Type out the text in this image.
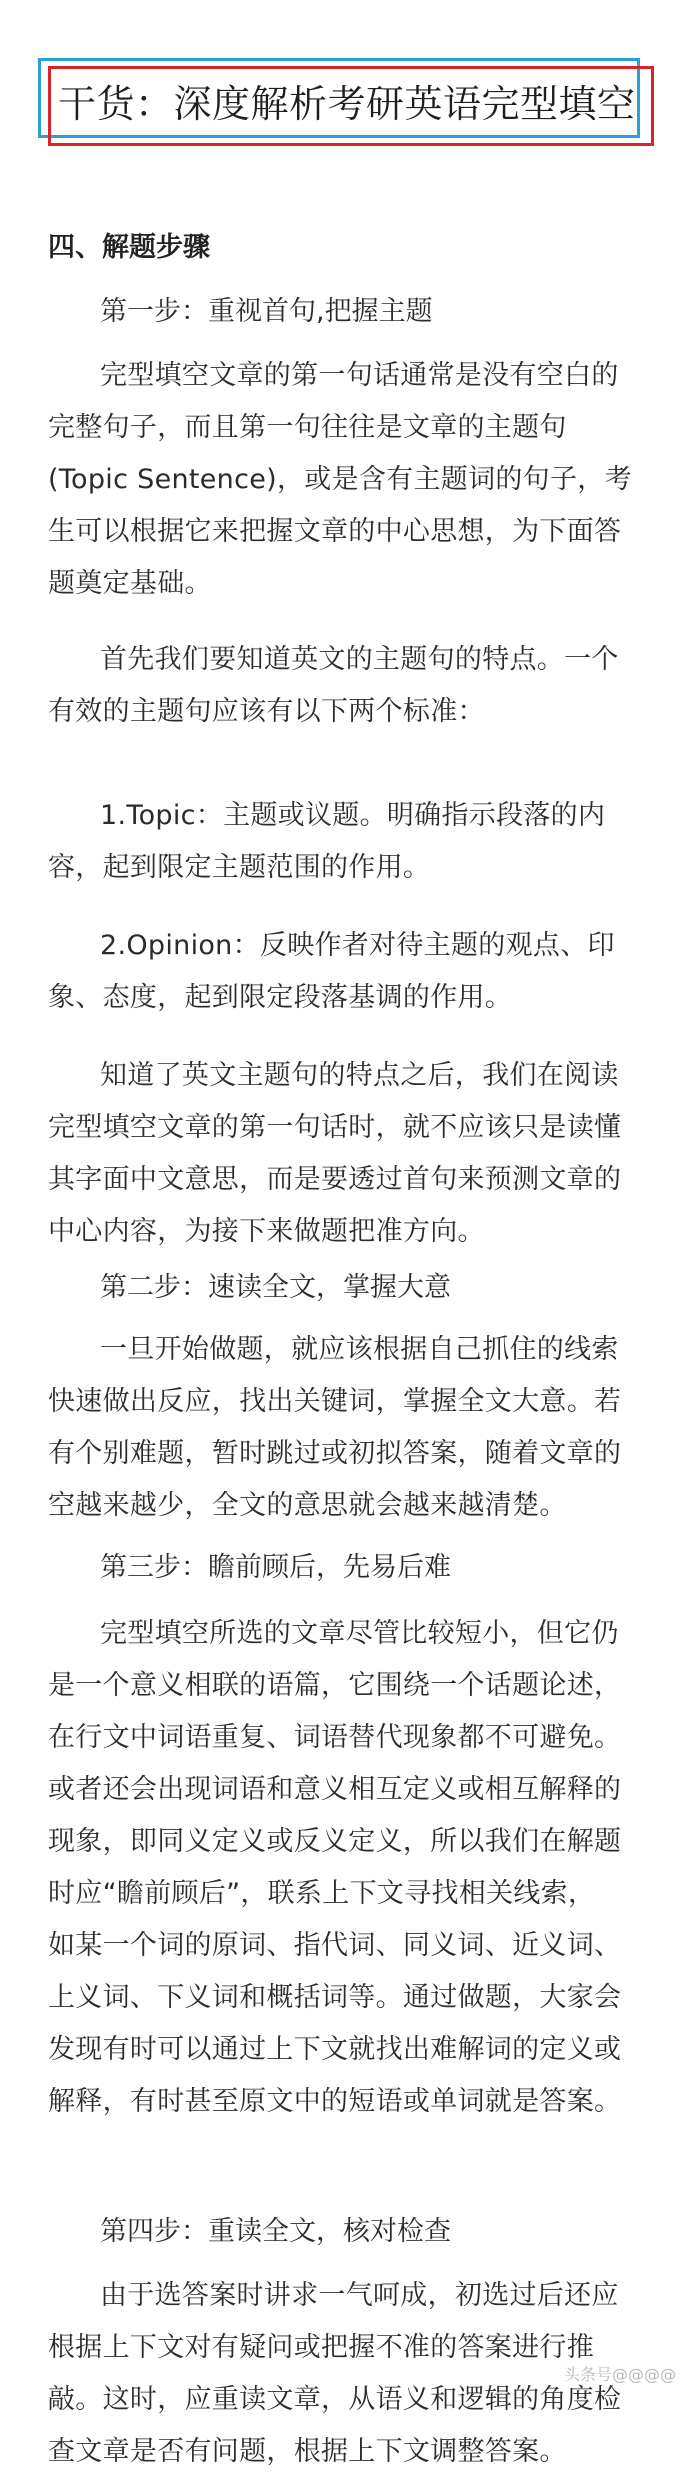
干货：深度解析考研英语完型填空
四、解题步骤
第一步：重视首句,把握主题
完型填空文章的第一句话通常是没有空白的
完整句子，而且第一句往往是文章的主题句
(Topic Sentence)，或是含有主题词的句子，考
生可以根据它来把握文章的中心思想，为下面答
题奠定基础。
首先我们要知道英文的主题句的特点。一个
有效的主题句应该有以下两个标准：
1.Topic：主题或议题。明确指示段落的内
容，起到限定主题范围的作用。
2.Opinion：反映作者对待主题的观点、印
象、态度，起到限定段落基调的作用。
知道了英文主题句的特点之后，我们在阅读
完型填空文章的第一句话时，就不应该只是读懂
其字面中文意思，而是要透过首句来预测文章的
中心内容，为接下来做题把准方向。
第二步：速读全文，掌握大意
一旦开始做题，就应该根据自己抓住的线索
快速做出反应，找出关键词，掌握全文大意。若
有个别难题，暂时跳过或初拟答案，随着文章的
空越来越少，全文的意思就会越来越清楚。
第三步：瞻前顾后，先易后难
完型填空所选的文章尽管比较短小，但它仍
是一个意义相联的语篇，它围绕一个话题论述，
在行文中词语重复、词语替代现象都不可避免。
或者还会出现词语和意义相互定义或相互解释的
现象，即同义定义或反义定义，所以我们在解题
时应“瞻前顾后”，联系上下文寻找相关线索，
如某一个词的原词、指代词、同义词、近义词、
上义词、下义词和概括词等。通过做题，大家会
发现有时可以通过上下文就找出难解词的定义或
解释，有时甚至原文中的短语或单词就是答案。
第四步：重读全文，核对检查
由于选答案时讲求一气呵成，初选过后还应
根据上下文对有疑问或把握不准的答案进行推
敲。这时，应重读文章，从语义和逻辑的角度检
查文章是否有问题，根据上下文调整答案。
头条号@@@@
